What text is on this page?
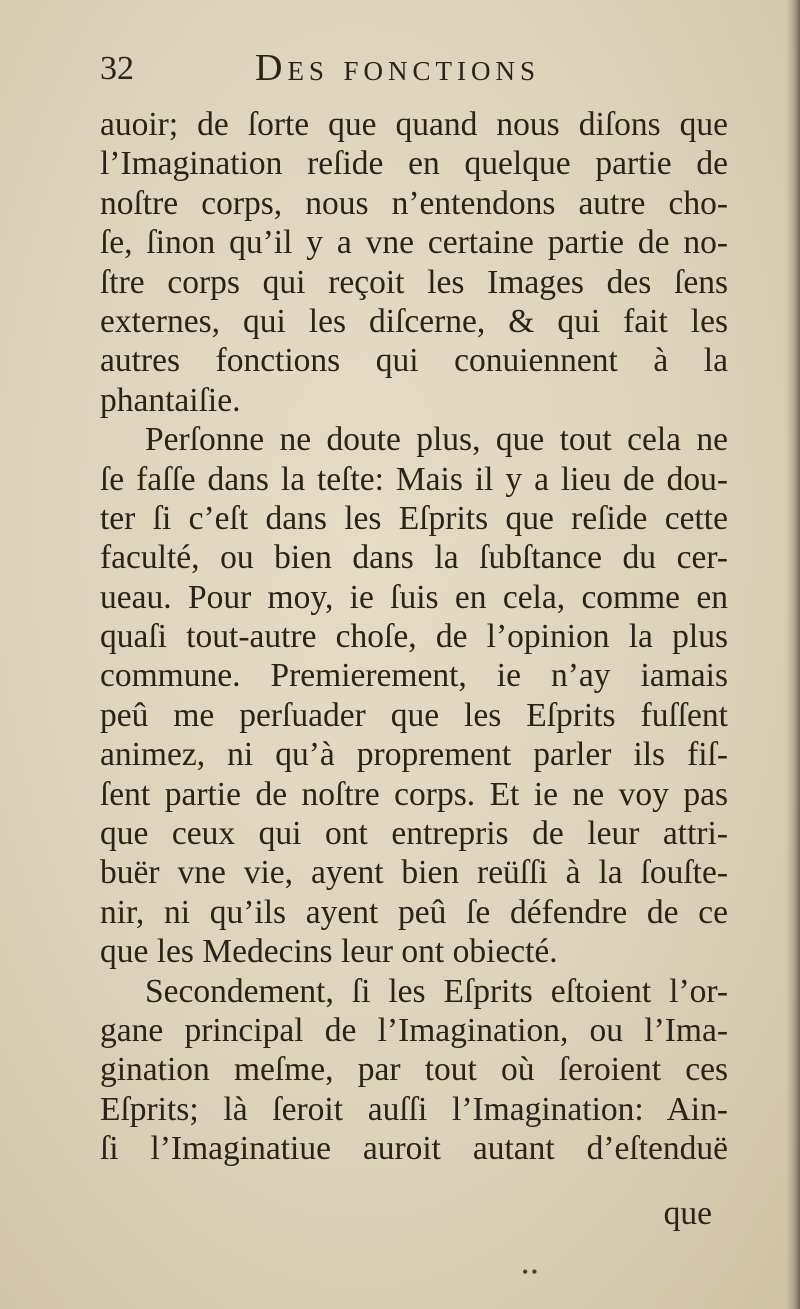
32	Des fonctions
auoir; de ſorte que quand nous diſons que
l’Imagination reſide en quelque partie de
noſtre corps, nous n’entendons autre cho-
ſe, ſinon qu’il y a vne certaine partie de no-
ſtre corps qui reçoit les Images des ſens
externes, qui les diſcerne, & qui fait les
autres fonctions qui conuiennent à la
phantaiſie.
Perſonne ne doute plus, que tout cela ne
ſe faſſe dans la teſte: Mais il y a lieu de dou-
ter ſi c’eſt dans les Eſprits que reſide cette
faculté, ou bien dans la ſubſtance du cer-
ueau. Pour moy, ie ſuis en cela, comme en
quaſi tout-autre choſe, de l’opinion la plus
commune. Premierement, ie n’ay iamais
peû me perſuader que les Eſprits fuſſent
animez, ni qu’à proprement parler ils fiſ-
ſent partie de noſtre corps. Et ie ne voy pas
que ceux qui ont entrepris de leur attri-
buër vne vie, ayent bien reüſſi à la ſouſte-
nir, ni qu’ils ayent peû ſe défendre de ce
que les Medecins leur ont obiecté.
Secondement, ſi les Eſprits eſtoient l’or-
gane principal de l’Imagination, ou l’Ima-
gination meſme, par tout où ſeroient ces
Eſprits; là ſeroit auſſi l’Imagination: Ain-
ſi l’Imaginatiue auroit autant d’eſtenduë
que
••
